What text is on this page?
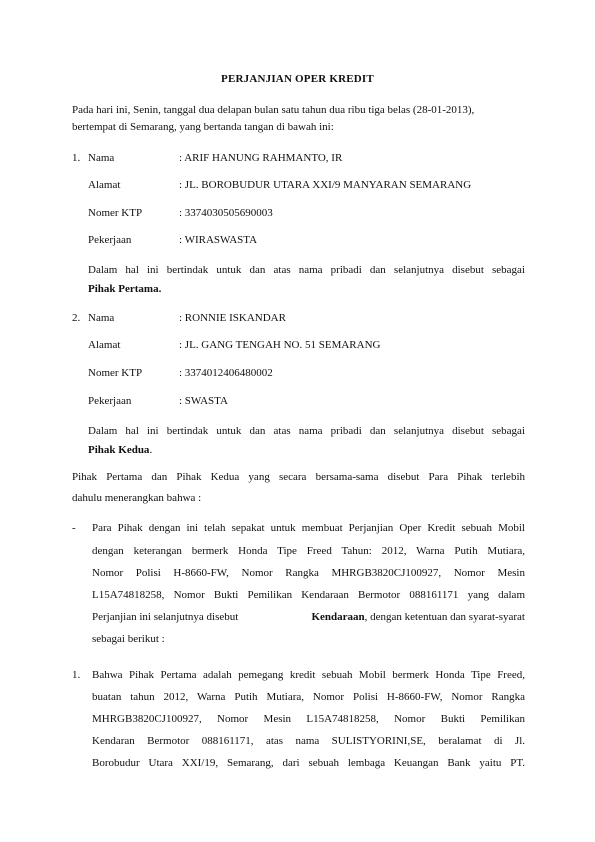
PERJANJIAN OPER KREDIT
Pada hari ini, Senin, tanggal dua delapan bulan satu tahun dua ribu tiga belas (28-01-2013),
bertempat di Semarang, yang bertanda tangan di bawah ini:
1. Nama	: ARIF HANUNG RAHMANTO, IR
Alamat	: JL. BOROBUDUR UTARA XXI/9 MANYARAN SEMARANG
Nomer KTP	: 3374030505690003
Pekerjaan	: WIRASWASTA
Dalam hal ini bertindak untuk dan atas nama pribadi dan selanjutnya disebut sebagai
Pihak Pertama.
2. Nama	: RONNIE ISKANDAR
Alamat	: JL. GANG TENGAH NO. 51 SEMARANG
Nomer KTP	: 3374012406480002
Pekerjaan	: SWASTA
Dalam hal ini bertindak untuk dan atas nama pribadi dan selanjutnya disebut sebagai
Pihak Kedua.
Pihak Pertama dan Pihak Kedua yang secara bersama-sama disebut Para Pihak terlebih
dahulu menerangkan bahwa :
- Para Pihak dengan ini telah sepakat untuk membuat Perjanjian Oper Kredit sebuah Mobil
dengan keterangan bermerk Honda Tipe Freed Tahun: 2012, Warna Putih Mutiara,
Nomor Polisi H-8660-FW, Nomor Rangka MHRGB3820CJ100927, Nomor Mesin
L15A74818258, Nomor Bukti Pemilikan Kendaraan Bermotor 088161171 yang dalam
Perjanjian ini selanjutnya disebut	Kendaraan, dengan ketentuan dan syarat-syarat
sebagai berikut :
1. Bahwa Pihak Pertama adalah pemegang kredit sebuah Mobil bermerk Honda Tipe Freed,
buatan tahun 2012, Warna Putih Mutiara, Nomor Polisi H-8660-FW, Nomor Rangka
MHRGB3820CJ100927, Nomor Mesin L15A74818258, Nomor Bukti Pemilikan
Kendaran Bermotor 088161171, atas nama SULISTYORINI,SE, beralamat di Jl.
Borobudur Utara XXI/19, Semarang, dari sebuah lembaga Keuangan Bank yaitu PT.
